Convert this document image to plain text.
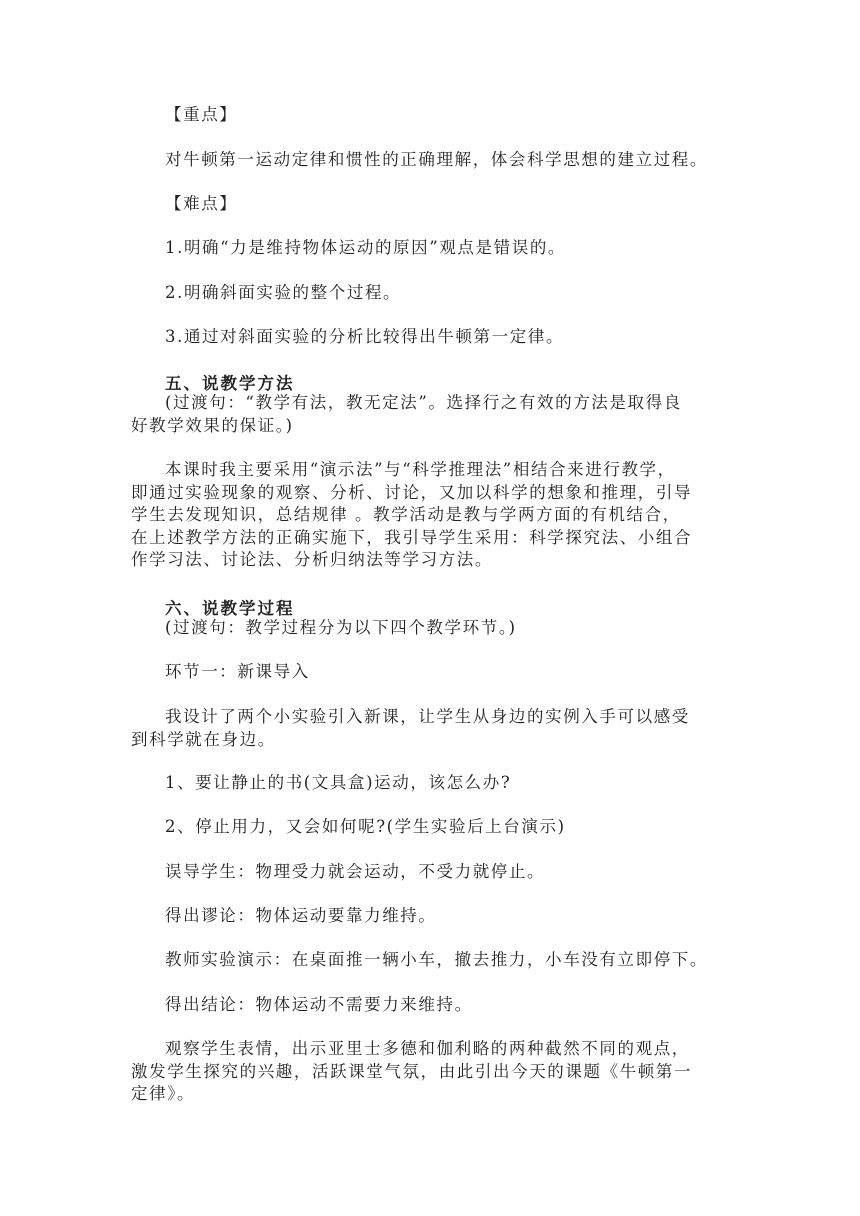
【重点】
对牛顿第一运动定律和惯性的正确理解，体会科学思想的建立过程。
【难点】
1.明确“力是维持物体运动的原因”观点是错误的。
2.明确斜面实验的整个过程。
3.通过对斜面实验的分析比较得出牛顿第一定律。
五、说教学方法
(过渡句：“教学有法，教无定法”。选择行之有效的方法是取得良
好教学效果的保证。)
本课时我主要采用“演示法”与“科学推理法”相结合来进行教学，
即通过实验现象的观察、分析、讨论，又加以科学的想象和推理，引导
学生去发现知识，总结规律 。教学活动是教与学两方面的有机结合，
在上述教学方法的正确实施下，我引导学生采用：科学探究法、小组合
作学习法、讨论法、分析归纳法等学习方法。
六、说教学过程
(过渡句：教学过程分为以下四个教学环节。)
环节一：新课导入
我设计了两个小实验引入新课，让学生从身边的实例入手可以感受
到科学就在身边。
1、要让静止的书(文具盒)运动，该怎么办?
2、停止用力，又会如何呢?(学生实验后上台演示)
误导学生：物理受力就会运动，不受力就停止。
得出谬论：物体运动要靠力维持。
教师实验演示：在桌面推一辆小车，撤去推力，小车没有立即停下。
得出结论：物体运动不需要力来维持。
观察学生表情，出示亚里士多德和伽利略的两种截然不同的观点，
激发学生探究的兴趣，活跃课堂气氛，由此引出今天的课题《牛顿第一
定律》。
